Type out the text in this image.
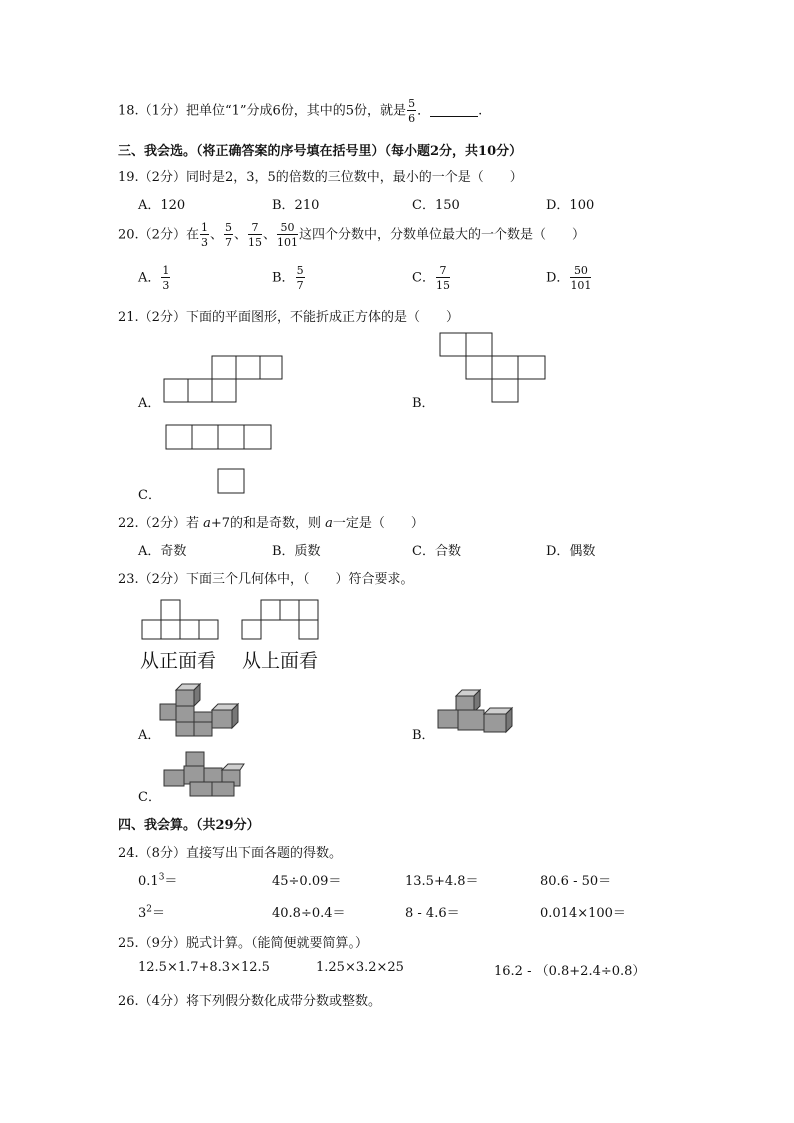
18.（1分）把单位“1”分成6份，其中的5份，就是 $\frac{5}{6}$ ．	.
三、我会选。（将正确答案的序号填在括号里）（每小题2分，共10分）
19.（2分）同时是2，3，5的倍数的三位数中，最小的一个是（　　）
A．120	B．210	C．150	D．100
20.（2分）在 $\frac{1}{3}$ 、 $\frac{5}{7}$ 、 $\frac{7}{15}$ 、 $\frac{50}{101}$ 这四个分数中，分数单位最大的一个数是（　　）
A． $\frac{1}{3}$	B． $\frac{5}{7}$	C． $\frac{7}{15}$	D． $\frac{50}{101}$
21.（2分）下面的平面图形，不能折成正方体的是（　　）
A．	B．
C．
22.（2分）若 a+7的和是奇数，则 a一定是（　　）
A．奇数	B．质数	C．合数	D．偶数
23.（2分）下面三个几何体中，（　　）符合要求。
从正面看 从上面看
A．	B．
C．
四、我会算。（共29分）
24.（8分）直接写出下面各题的得数。
$0.1^3=$	45÷0.09＝	13.5+4.8＝	80.6 - 50＝
$3^2=$	40.8÷0.4＝	8 - 4.6＝	0.014×100＝
25.（9分）脱式计算。（能简便就要简算。）
12.5×1.7+8.3×12.5	1.25×3.2×25	16.2 - （0.8+2.4÷0.8）
26.（4分）将下列假分数化成带分数或整数。
